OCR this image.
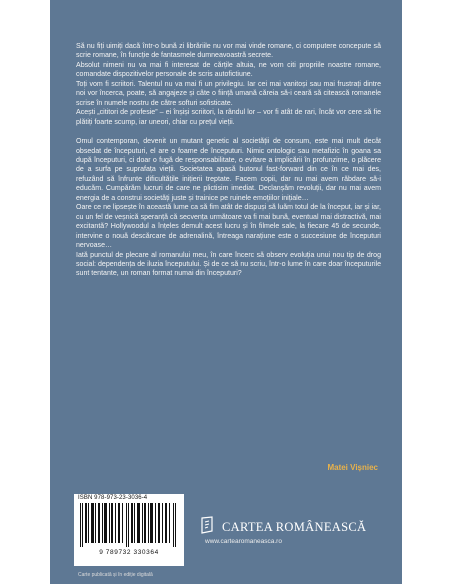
Să nu fiți uimiți dacă într-o bună zi librăriile nu vor mai vinde romane, ci computere concepute să scrie romane, în funcție de fantasmele dumneavoastră secrete.

Absolut nimeni nu va mai fi interesat de cărțile altuia, ne vom citi propriile noastre romane, comandate dispozitivelor personale de scris autofictiune.

Toți vom fi scriitori. Talentul nu va mai fi un privilegiu. Iar cei mai vanitoși sau mai frustrați dintre noi vor încerca, poate, să angajeze și câte o ființă umană căreia să-i ceară să citească romanele scrise în numele nostru de către softuri sofisticate.

Acești „cititori de profesie” – ei înșiși scriitori, la rândul lor – vor fi atât de rari, încât vor cere să fie plătiți foarte scump, iar uneori, chiar cu prețul vieții.

Omul contemporan, devenit un mutant genetic al societății de consum, este mai mult decât obsedat de începuturi, el are o foame de începuturi. Nimic ontologic sau metafizic în goana sa după începuturi, ci doar o fugă de responsabilitate, o evitare a implicării în profunzime, o plăcere de a surfa pe suprafața vieții. Societatea apasă butonul fast-forward din ce în ce mai des, refuzând să înfrunte dificultățile inițierii treptate. Facem copii, dar nu mai avem răbdare să-i educăm. Cumpărăm lucruri de care ne plictisim imediat. Declanșăm revoluții, dar nu mai avem energia de a construi societăți juste și trainice pe ruinele emoțiilor inițiale…

Oare ce ne lipsește în această lume ca să fim atât de dispuși să luăm totul de la început, iar și iar, cu un fel de veșnică speranță că secvența următoare va fi mai bună, eventual mai distractivă, mai excitantă? Hollywoodul a înțeles demult acest lucru și în filmele sale, la fiecare 45 de secunde, intervine o nouă descărcare de adrenalină, întreaga narațiune este o succesiune de începuturi nervoase…

Iată punctul de plecare al romanului meu, în care încerc să observ evoluția unui nou tip de drog social: dependența de iluzia începutului. Și de ce să nu scriu, într-o lume în care doar începuturile sunt tentante, un roman format numai din începuturi?

Matei Vișniec
ISBN 978-973-23-3036-4
9 789732 330364
Carte publicată și în ediție digitală
CARTEA ROMÂNEASCĂ
www.cartearomaneasca.ro
